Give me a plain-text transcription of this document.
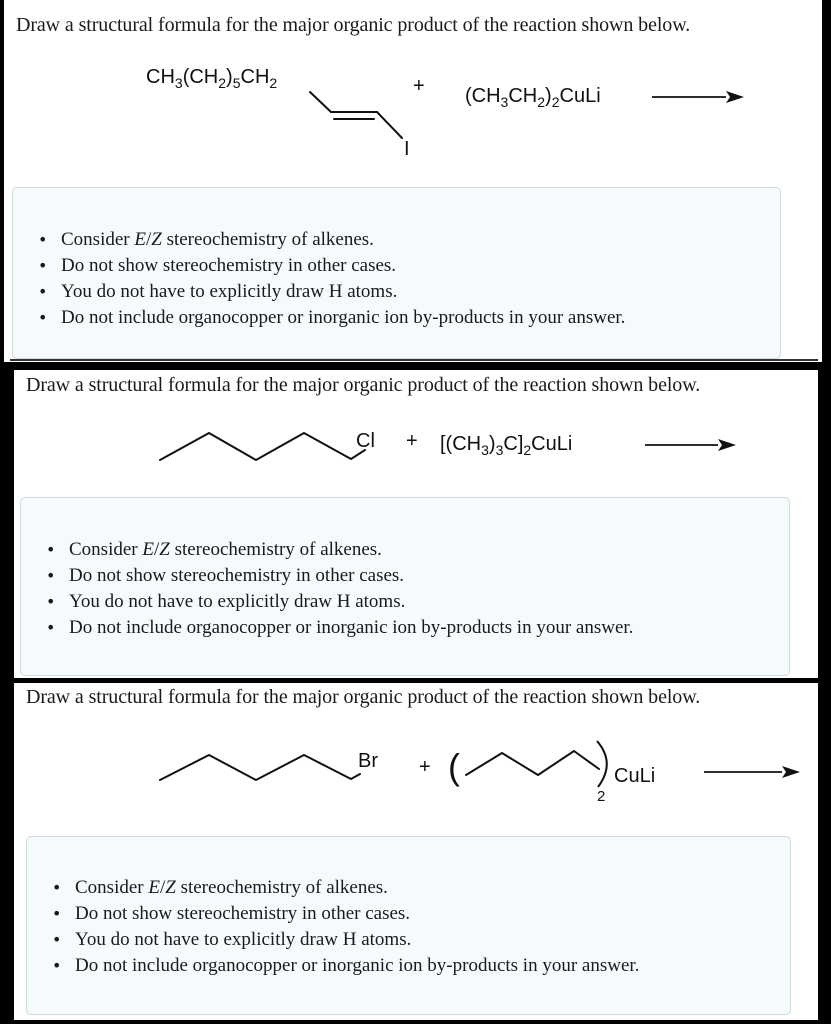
Draw a structural formula for the major organic product of the reaction shown below.
$CH_3(CH_2)_5CH_2$
I
+ $(CH_3CH_2)_2CuLi$
• Consider E/Z stereochemistry of alkenes.
• Do not show stereochemistry in other cases.
• You do not have to explicitly draw H atoms.
• Do not include organocopper or inorganic ion by-products in your answer.
Draw a structural formula for the major organic product of the reaction shown below.
$Cl + [(CH_3)_3C]_2CuLi$
• Consider E/Z stereochemistry of alkenes.
• Do not show stereochemistry in other cases.
• You do not have to explicitly draw H atoms.
• Do not include organocopper or inorganic ion by-products in your answer.
Draw a structural formula for the major organic product of the reaction shown below.
Br + (
2
CuLi
• Consider E/Z stereochemistry of alkenes.
• Do not show stereochemistry in other cases.
• You do not have to explicitly draw H atoms.
• Do not include organocopper or inorganic ion by-products in your answer.
